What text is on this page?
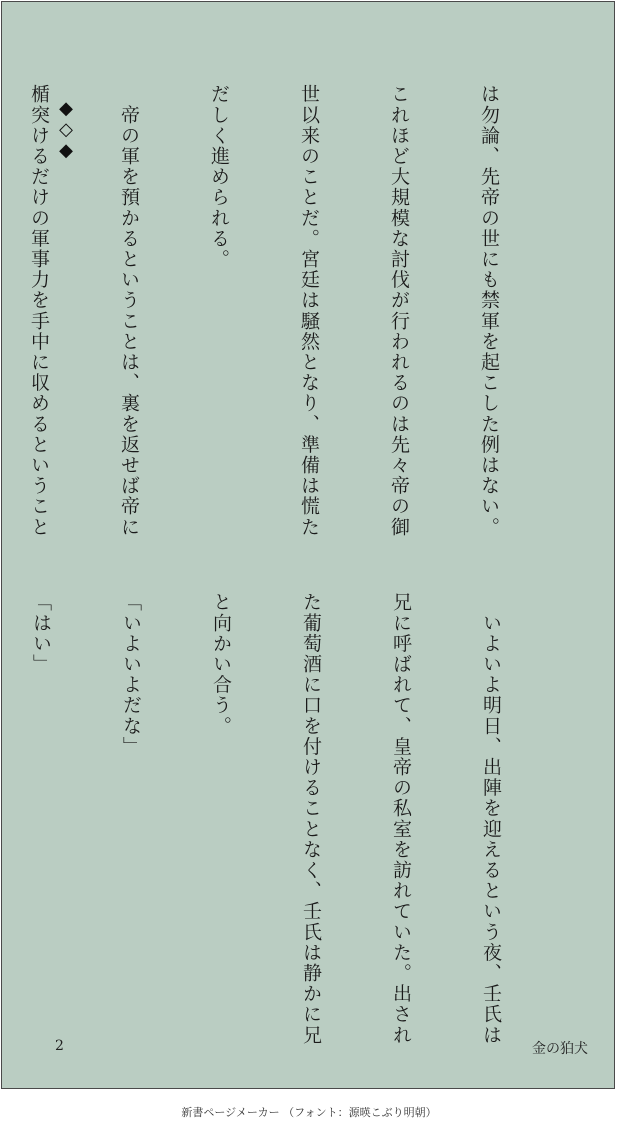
は勿論、先帝の世にも禁軍を起こした例はない。

これほど大規模な討伐が行われるのは先々帝の御

世以来のことだ。宮廷は騒然となり、準備は慌た

だしく進められる。

　帝の軍を預かるということは、裏を返せば帝に

楯突けるだけの軍事力を手中に収めるということ

◆
◇
◆

　いよいよ明日、出陣を迎えるという夜、壬氏は

兄に呼ばれて、皇帝の私室を訪れていた。出され

た葡萄酒に口を付けることなく、壬氏は静かに兄

と向かい合う。

「いよいよだな」

「はい」

2	金の狛犬
新書ページメーカー （フォント：源暎こぶり明朝）
